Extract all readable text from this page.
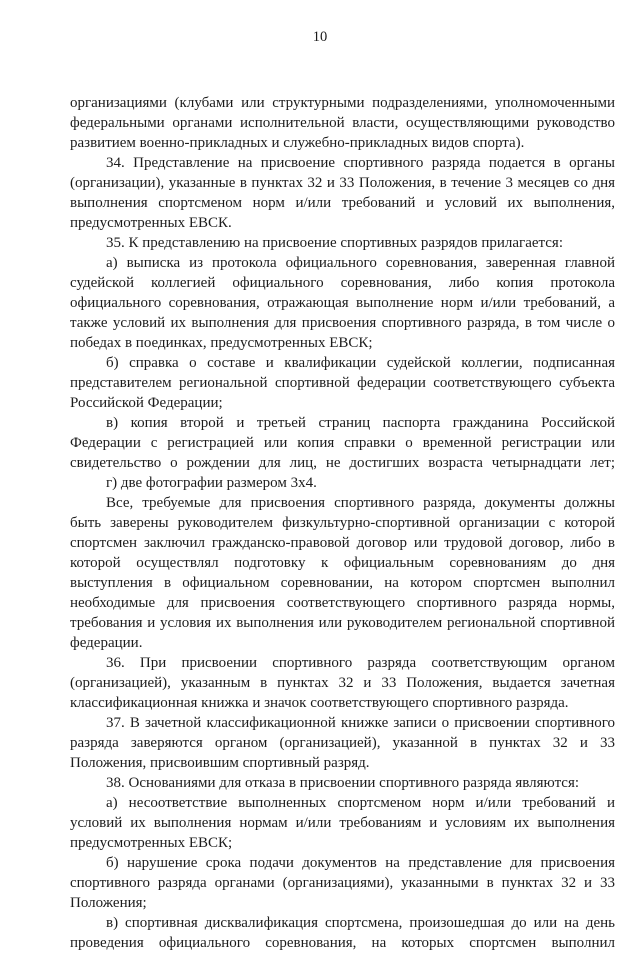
10
организациями (клубами или структурными подразделениями, уполномоченными
федеральными органами исполнительной власти, осуществляющими руководство
развитием военно-прикладных и служебно-прикладных видов спорта).
34. Представление на присвоение спортивного разряда подается в органы
(организации), указанные в пунктах 32 и 33 Положения, в течение 3 месяцев со дня
выполнения спортсменом норм и/или требований и условий их выполнения,
предусмотренных ЕВСК.
35. К представлению на присвоение спортивных разрядов прилагается:
а) выписка из протокола официального соревнования, заверенная главной
судейской коллегией официального соревнования, либо копия протокола
официального соревнования, отражающая выполнение норм и/или требований, а
также условий их выполнения для присвоения спортивного разряда, в том числе о
победах в поединках, предусмотренных ЕВСК;
б) справка о составе и квалификации судейской коллегии, подписанная
представителем региональной спортивной федерации соответствующего субъекта
Российской Федерации;
в) копия второй и третьей страниц паспорта гражданина Российской
Федерации с регистрацией или копия справки о временной регистрации или
свидетельство о рождении для лиц, не достигших возраста четырнадцати лет;
г) две фотографии размером 3х4.
Все, требуемые для присвоения спортивного разряда, документы должны
быть заверены руководителем физкультурно-спортивной организации с которой
спортсмен заключил гражданско-правовой договор или трудовой договор, либо в
которой осуществлял подготовку к официальным соревнованиям до дня
выступления в официальном соревновании, на котором спортсмен выполнил
необходимые для присвоения соответствующего спортивного разряда нормы,
требования и условия их выполнения или руководителем региональной спортивной
федерации.
36. При присвоении спортивного разряда соответствующим органом
(организацией), указанным в пунктах 32 и 33 Положения, выдается зачетная
классификационная книжка и значок соответствующего спортивного разряда.
37. В зачетной классификационной книжке записи о присвоении спортивного
разряда заверяются органом (организацией), указанной в пунктах 32 и 33
Положения, присвоившим спортивный разряд.
38. Основаниями для отказа в присвоении спортивного разряда являются:
а) несоответствие выполненных спортсменом норм и/или требований и
условий их выполнения нормам и/или требованиям и условиям их выполнения
предусмотренных ЕВСК;
б) нарушение срока подачи документов на представление для присвоения
спортивного разряда органами (организациями), указанными в пунктах 32 и 33
Положения;
в) спортивная дисквалификация спортсмена, произошедшая до или на день
проведения официального соревнования, на которых спортсмен выполнил
